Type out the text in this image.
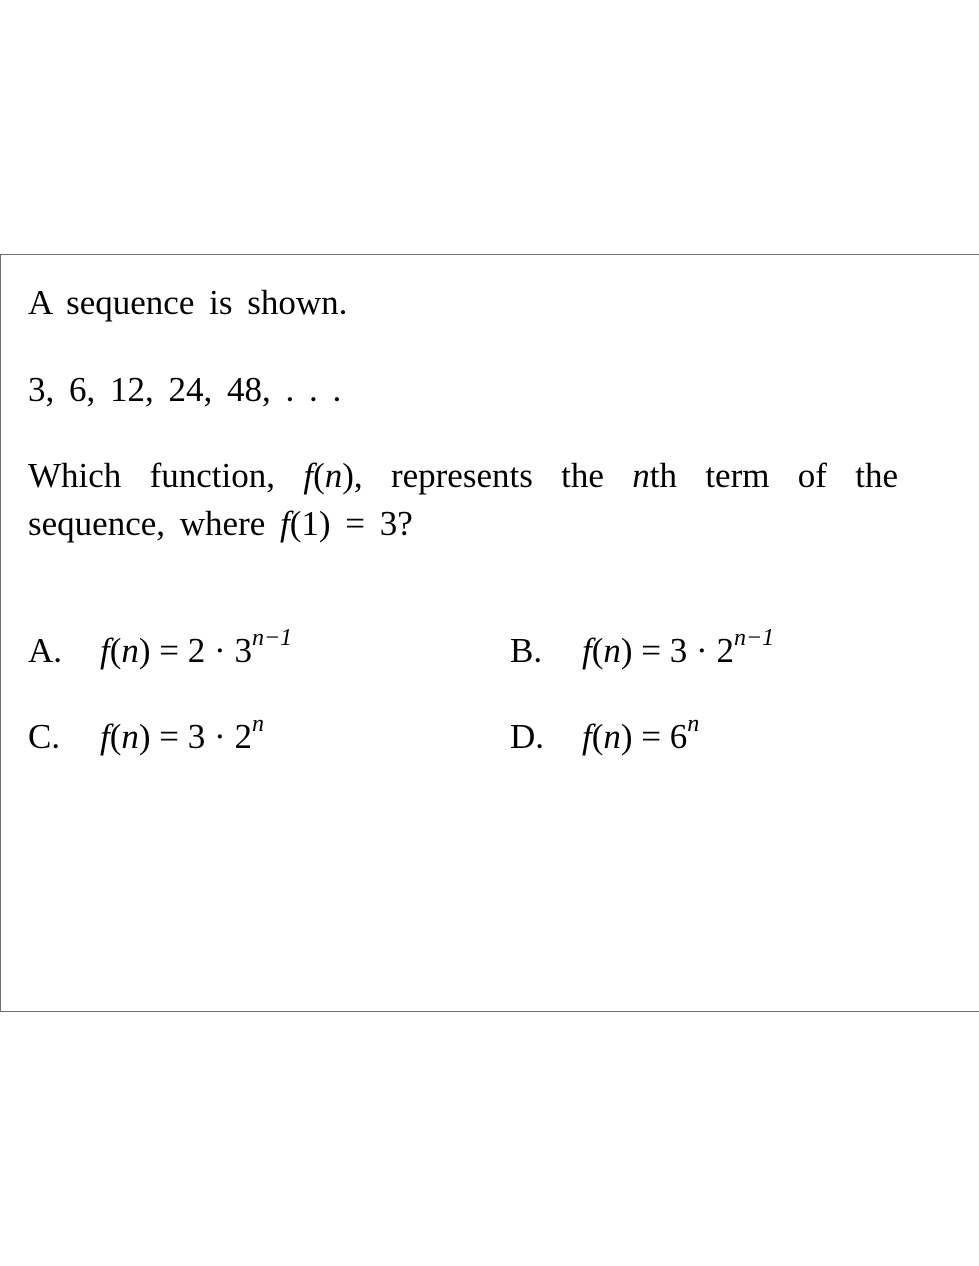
A sequence is shown.
3, 6, 12, 24, 48, . . .
Which function, f(n), represents the nth term of the
sequence, where f(1) = 3?
A. $f(n) = 2 \cdot 3^{n-1}$	B. $f(n) = 3 \cdot 2^{n-1}$
C. $f(n) = 3 \cdot 2^n$	D. $f(n) = 6^n$
